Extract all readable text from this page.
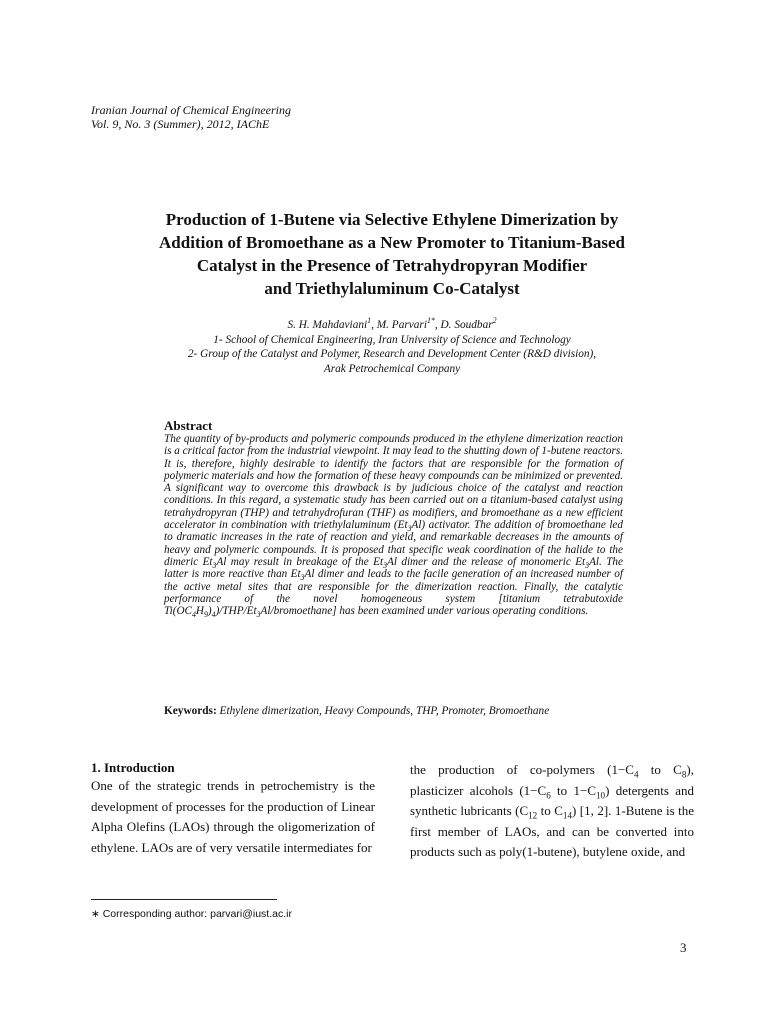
Iranian Journal of Chemical Engineering
Vol. 9, No. 3 (Summer), 2012, IAChE
Production of 1-Butene via Selective Ethylene Dimerization by
Addition of Bromoethane as a New Promoter to Titanium-Based
Catalyst in the Presence of Tetrahydropyran Modifier
and Triethylaluminum Co-Catalyst
S. H. Mahdaviani$^1$, M. Parvari$^{1*}$, D. Soudbar$^2$
1- School of Chemical Engineering, Iran University of Science and Technology
2- Group of the Catalyst and Polymer, Research and Development Center (R&D division),
Arak Petrochemical Company
Abstract

The quantity of by-products and polymeric compounds produced in the ethylene dimerization reaction is a critical factor from the industrial viewpoint. It may lead to the shutting down of 1-butene reactors. It is, therefore, highly desirable to identify the factors that are responsible for the formation of polymeric materials and how the formation of these heavy compounds can be minimized or prevented. A significant way to overcome this drawback is by judicious choice of the catalyst and reaction conditions. In this regard, a systematic study has been carried out on a titanium-based catalyst using tetrahydropyran (THP) and tetrahydrofuran (THF) as modifiers, and bromoethane as a new efficient accelerator in combination with triethylaluminum $(Et_3Al)$ activator. The addition of bromoethane led to dramatic increases in the rate of reaction and yield, and remarkable decreases in the amounts of heavy and polymeric compounds. It is proposed that specific weak coordination of the halide to the dimeric $Et_3Al$ may result in breakage of the $Et_3Al$ dimer and the release of monomeric $Et_3Al$. The latter is more reactive than $Et_3Al$ dimer and leads to the facile generation of an increased number of the active metal sites that are responsible for the dimerization reaction. Finally, the catalytic performance of the novel homogeneous system [titanium tetrabutoxide $Ti(OC_4H_9)_4)/THP/Et_3Al/bromoethane$] has been examined under various operating conditions.

Keywords: Ethylene dimerization, Heavy Compounds, THP, Promoter, Bromoethane
1. Introduction

One of the strategic trends in petrochemistry is the development of processes for the production of Linear Alpha Olefins (LAOs) through the oligomerization of ethylene. LAOs are of very versatile intermediates for

the production of co-polymers ($1-C_4$ to $C_8$), plasticizer alcohols ($1-C_6$ to $1-C_{10}$) detergents and synthetic lubricants ($C_{12}$ to $C_{14}$) [1, 2]. 1-Butene is the first member of LAOs, and can be converted into products such as poly(1-butene), butylene oxide, and

∗ Corresponding author: parvari@iust.ac.ir
3
